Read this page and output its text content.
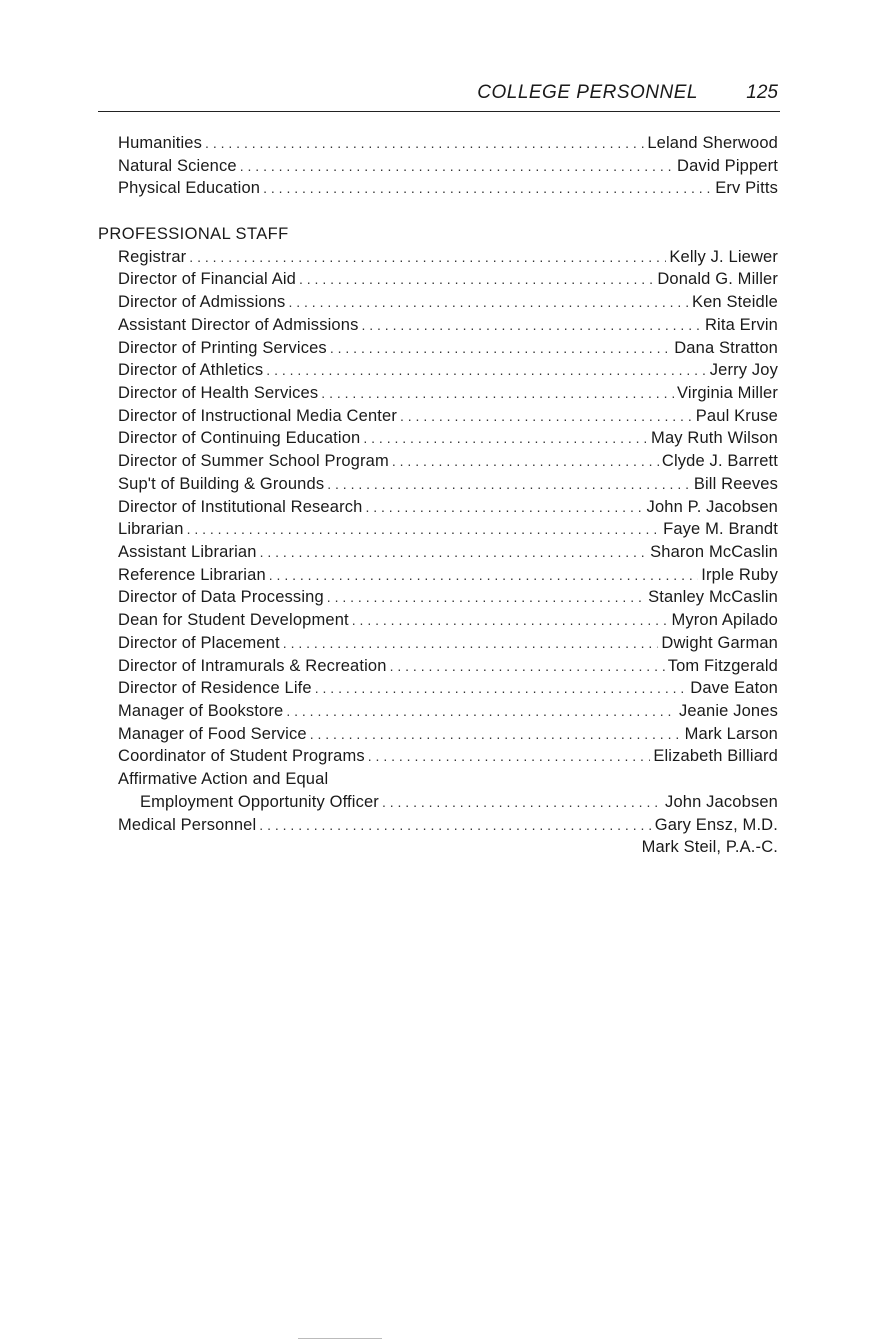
COLLEGE PERSONNEL	125
Humanities . . .	Leland Sherwood
Natural Science . . .	David Pippert
Physical Education . . .	Erv Pitts
PROFESSIONAL STAFF
Registrar . . .	Kelly J. Liewer
Director of Financial Aid . . .	Donald G. Miller
Director of Admissions . . .	Ken Steidle
Assistant Director of Admissions . . .	Rita Ervin
Director of Printing Services . . .	Dana Stratton
Director of Athletics . . .	Jerry Joy
Director of Health Services . . .	Virginia Miller
Director of Instructional Media Center . . .	Paul Kruse
Director of Continuing Education . . .	May Ruth Wilson
Director of Summer School Program . . .	Clyde J. Barrett
Sup't of Building & Grounds . . .	Bill Reeves
Director of Institutional Research . . .	John P. Jacobsen
Librarian . . .	Faye M. Brandt
Assistant Librarian . . .	Sharon McCaslin
Reference Librarian . . .	Irple Ruby
Director of Data Processing . . .	Stanley McCaslin
Dean for Student Development . . .	Myron Apilado
Director of Placement . . .	Dwight Garman
Director of Intramurals & Recreation . . .	Tom Fitzgerald
Director of Residence Life . . .	Dave Eaton
Manager of Bookstore . . .	Jeanie Jones
Manager of Food Service . . .	Mark Larson
Coordinator of Student Programs . . .	Elizabeth Billiard
Affirmative Action and Equal
Employment Opportunity Officer . . .	John Jacobsen
Medical Personnel . . .	Gary Ensz, M.D.
Mark Steil, P.A.-C.
